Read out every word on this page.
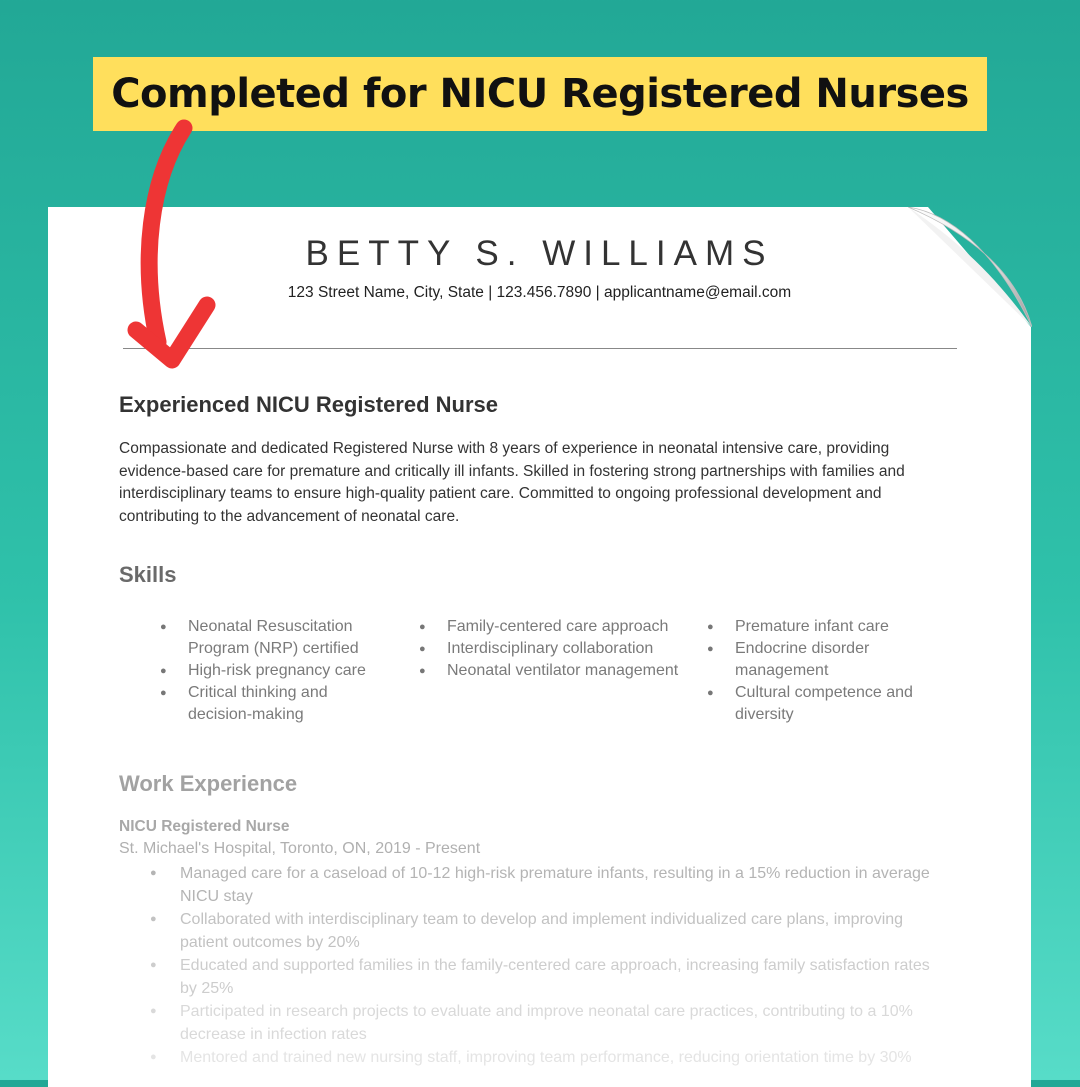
Completed for NICU Registered Nurses
BETTY S. WILLIAMS
123 Street Name, City, State | 123.456.7890 | applicantname@email.com
Experienced NICU Registered Nurse
Compassionate and dedicated Registered Nurse with 8 years of experience in neonatal intensive care, providing evidence-based care for premature and critically ill infants. Skilled in fostering strong partnerships with families and interdisciplinary teams to ensure high-quality patient care. Committed to ongoing professional development and contributing to the advancement of neonatal care.
Skills
● Neonatal Resuscitation Program (NRP) certified
● High-risk pregnancy care
● Critical thinking and decision-making
● Family-centered care approach
● Interdisciplinary collaboration
● Neonatal ventilator management
● Premature infant care
● Endocrine disorder management
● Cultural competence and diversity
Work Experience
NICU Registered Nurse
St. Michael's Hospital, Toronto, ON, 2019 - Present
● Managed care for a caseload of 10-12 high-risk premature infants, resulting in a 15% reduction in average NICU stay
● Collaborated with interdisciplinary team to develop and implement individualized care plans, improving patient outcomes by 20%
● Educated and supported families in the family-centered care approach, increasing family satisfaction rates by 25%
● Participated in research projects to evaluate and improve neonatal care practices, contributing to a 10% decrease in infection rates
● Mentored and trained new nursing staff, improving team performance, reducing orientation time by 30%
